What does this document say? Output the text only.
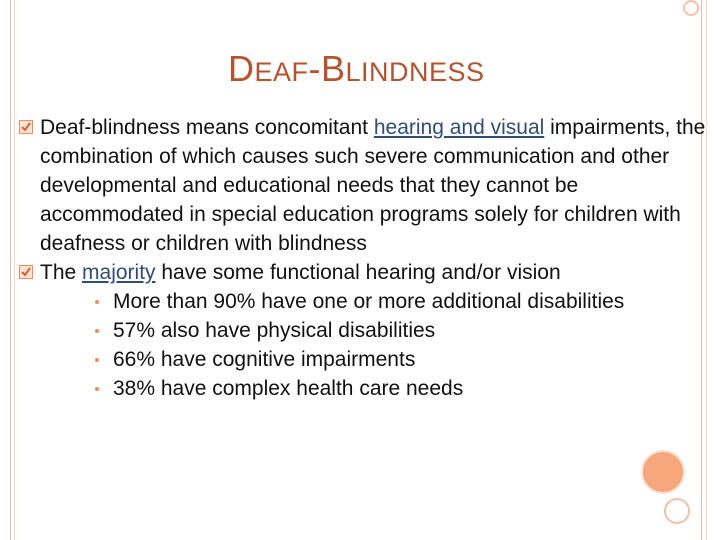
DEAF-BLINDNESS
Deaf-blindness means concomitant hearing and visual impairments, the combination of which causes such severe communication and other developmental and educational needs that they cannot be accommodated in special education programs solely for children with deafness or children with blindness
The majority have some functional hearing and/or vision
More than 90% have one or more additional disabilities
57% also have physical disabilities
66% have cognitive impairments
38% have complex health care needs
